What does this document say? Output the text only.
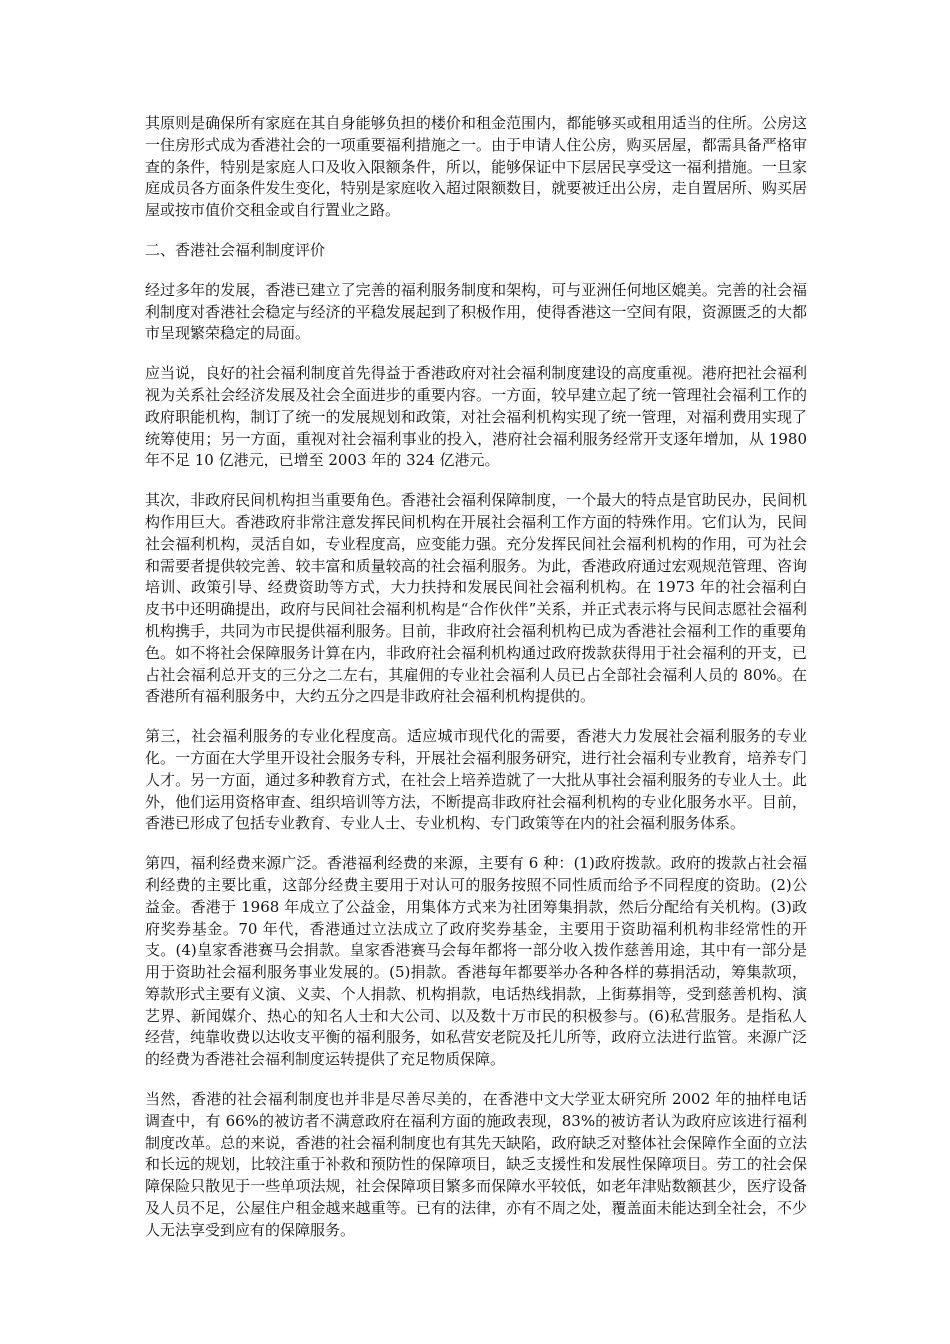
其原则是确保所有家庭在其自身能够负担的楼价和租金范围内，都能够买或租用适当的住所。公房这一住房形式成为香港社会的一项重要福利措施之一。由于申请人住公房，购买居屋，都需具备严格审查的条件，特别是家庭人口及收入限额条件，所以，能够保证中下层居民享受这一福利措施。一旦家庭成员各方面条件发生变化，特别是家庭收入超过限额数目，就要被迁出公房，走自置居所、购买居屋或按市值价交租金或自行置业之路。

二、香港社会福利制度评价

经过多年的发展，香港已建立了完善的福利服务制度和架构，可与亚洲任何地区媲美。完善的社会福利制度对香港社会稳定与经济的平稳发展起到了积极作用，使得香港这一空间有限，资源匮乏的大都市呈现繁荣稳定的局面。

应当说，良好的社会福利制度首先得益于香港政府对社会福利制度建设的高度重视。港府把社会福利视为关系社会经济发展及社会全面进步的重要内容。一方面，较早建立起了统一管理社会福利工作的政府职能机构，制订了统一的发展规划和政策，对社会福利机构实现了统一管理，对福利费用实现了统筹使用；另一方面，重视对社会福利事业的投入，港府社会福利服务经常开支逐年增加，从 1980 年不足 10 亿港元，已增至 2003 年的 324 亿港元。

其次，非政府民间机构担当重要角色。香港社会福利保障制度，一个最大的特点是官助民办，民间机构作用巨大。香港政府非常注意发挥民间机构在开展社会福利工作方面的特殊作用。它们认为，民间社会福利机构，灵活自如，专业程度高，应变能力强。充分发挥民间社会福利机构的作用，可为社会和需要者提供较完善、较丰富和质量较高的社会福利服务。为此，香港政府通过宏观规范管理、咨询培训、政策引导、经费资助等方式，大力扶持和发展民间社会福利机构。在 1973 年的社会福利白皮书中还明确提出，政府与民间社会福利机构是“合作伙伴”关系，并正式表示将与民间志愿社会福利机构携手，共同为市民提供福利服务。目前，非政府社会福利机构已成为香港社会福利工作的重要角色。如不将社会保障服务计算在内，非政府社会福利机构通过政府拨款获得用于社会福利的开支，已占社会福利总开支的三分之二左右，其雇佣的专业社会福利人员已占全部社会福利人员的 80%。在香港所有福利服务中，大约五分之四是非政府社会福利机构提供的。

第三，社会福利服务的专业化程度高。适应城市现代化的需要，香港大力发展社会福利服务的专业化。一方面在大学里开设社会服务专科，开展社会福利服务研究，进行社会福利专业教育，培养专门人才。另一方面，通过多种教育方式，在社会上培养造就了一大批从事社会福利服务的专业人士。此外，他们运用资格审查、组织培训等方法，不断提高非政府社会福利机构的专业化服务水平。目前，香港已形成了包括专业教育、专业人士、专业机构、专门政策等在内的社会福利服务体系。

第四，福利经费来源广泛。香港福利经费的来源，主要有 6 种：(1)政府拨款。政府的拨款占社会福利经费的主要比重，这部分经费主要用于对认可的服务按照不同性质而给予不同程度的资助。(2)公益金。香港于 1968 年成立了公益金，用集体方式来为社团筹集捐款，然后分配给有关机构。(3)政府奖券基金。70 年代，香港通过立法成立了政府奖券基金，主要用于资助福利机构非经常性的开支。(4)皇家香港赛马会捐款。皇家香港赛马会每年都将一部分收入拨作慈善用途，其中有一部分是用于资助社会福利服务事业发展的。(5)捐款。香港每年都要举办各种各样的募捐活动，筹集款项，筹款形式主要有义演、义卖、个人捐款、机构捐款，电话热线捐款，上街募捐等，受到慈善机构、演艺界、新闻媒介、热心的知名人士和大公司、以及数十万市民的积极参与。(6)私营服务。是指私人经营，纯靠收费以达收支平衡的福利服务，如私营安老院及托儿所等，政府立法进行监管。来源广泛的经费为香港社会福利制度运转提供了充足物质保障。

当然，香港的社会福利制度也并非是尽善尽美的，在香港中文大学亚太研究所 2002 年的抽样电话调查中，有 66%的被访者不满意政府在福利方面的施政表现，83%的被访者认为政府应该进行福利制度改革。总的来说，香港的社会福利制度也有其先天缺陷，政府缺乏对整体社会保障作全面的立法和长远的规划，比较注重于补救和预防性的保障项目，缺乏支援性和发展性保障项目。劳工的社会保障保险只散见于一些单项法规，社会保障项目繁多而保障水平较低，如老年津贴数额甚少，医疗设备及人员不足，公屋住户租金越来越重等。已有的法律，亦有不周之处，覆盖面未能达到全社会，不少人无法享受到应有的保障服务。
